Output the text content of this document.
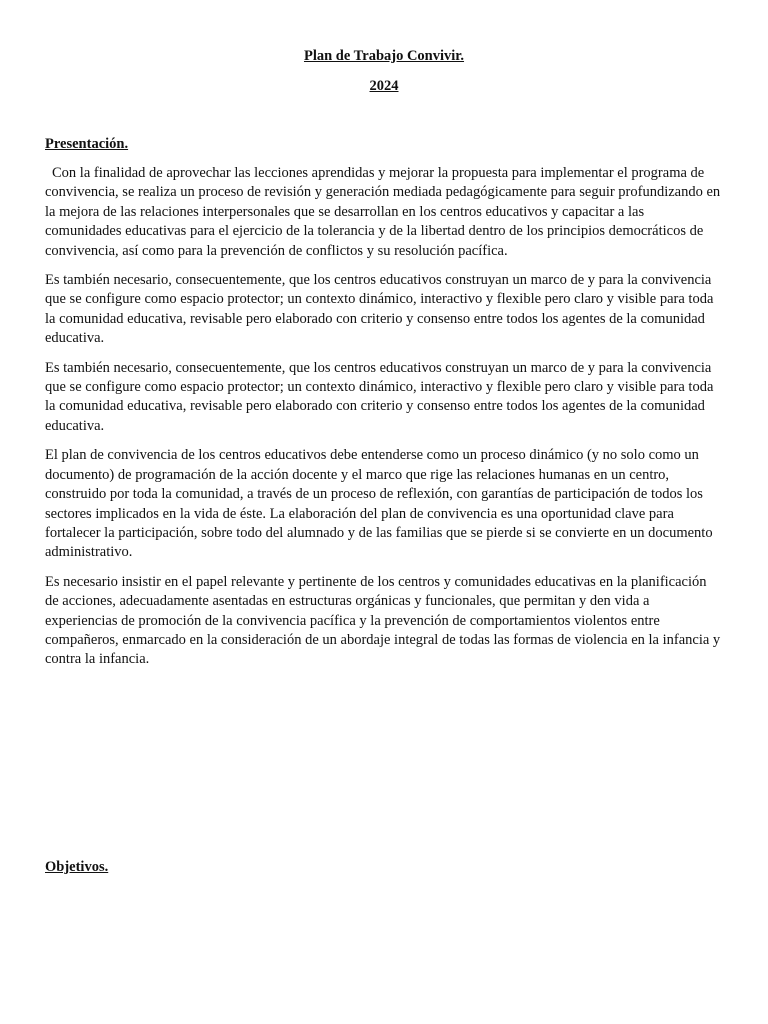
Plan de Trabajo Convivir.
2024
Presentación.

Con la finalidad de aprovechar las lecciones aprendidas y mejorar la propuesta para implementar el programa de convivencia, se realiza un proceso de revisión y generación mediada pedagógicamente para seguir profundizando en la mejora de las relaciones interpersonales que se desarrollan en los centros educativos y capacitar a las comunidades educativas para el ejercicio de la tolerancia y de la libertad dentro de los principios democráticos de convivencia, así como para la prevención de conflictos y su resolución pacífica.

Es también necesario, consecuentemente, que los centros educativos construyan un marco de y para la convivencia que se configure como espacio protector; un contexto dinámico, interactivo y flexible pero claro y visible para toda la comunidad educativa, revisable pero elaborado con criterio y consenso entre todos los agentes de la comunidad educativa.

Es también necesario, consecuentemente, que los centros educativos construyan un marco de y para la convivencia que se configure como espacio protector; un contexto dinámico, interactivo y flexible pero claro y visible para toda la comunidad educativa, revisable pero elaborado con criterio y consenso entre todos los agentes de la comunidad educativa.

El plan de convivencia de los centros educativos debe entenderse como un proceso dinámico (y no solo como un documento) de programación de la acción docente y el marco que rige las relaciones humanas en un centro, construido por toda la comunidad, a través de un proceso de reflexión, con garantías de participación de todos los sectores implicados en la vida de éste. La elaboración del plan de convivencia es una oportunidad clave para fortalecer la participación, sobre todo del alumnado y de las familias que se pierde si se convierte en un documento administrativo.

Es necesario insistir en el papel relevante y pertinente de los centros y comunidades educativas en la planificación de acciones, adecuadamente asentadas en estructuras orgánicas y funcionales, que permitan y den vida a experiencias de promoción de la convivencia pacífica y la prevención de comportamientos violentos entre compañeros, enmarcado en la consideración de un abordaje integral de todas las formas de violencia en la infancia y contra la infancia.

Objetivos.
